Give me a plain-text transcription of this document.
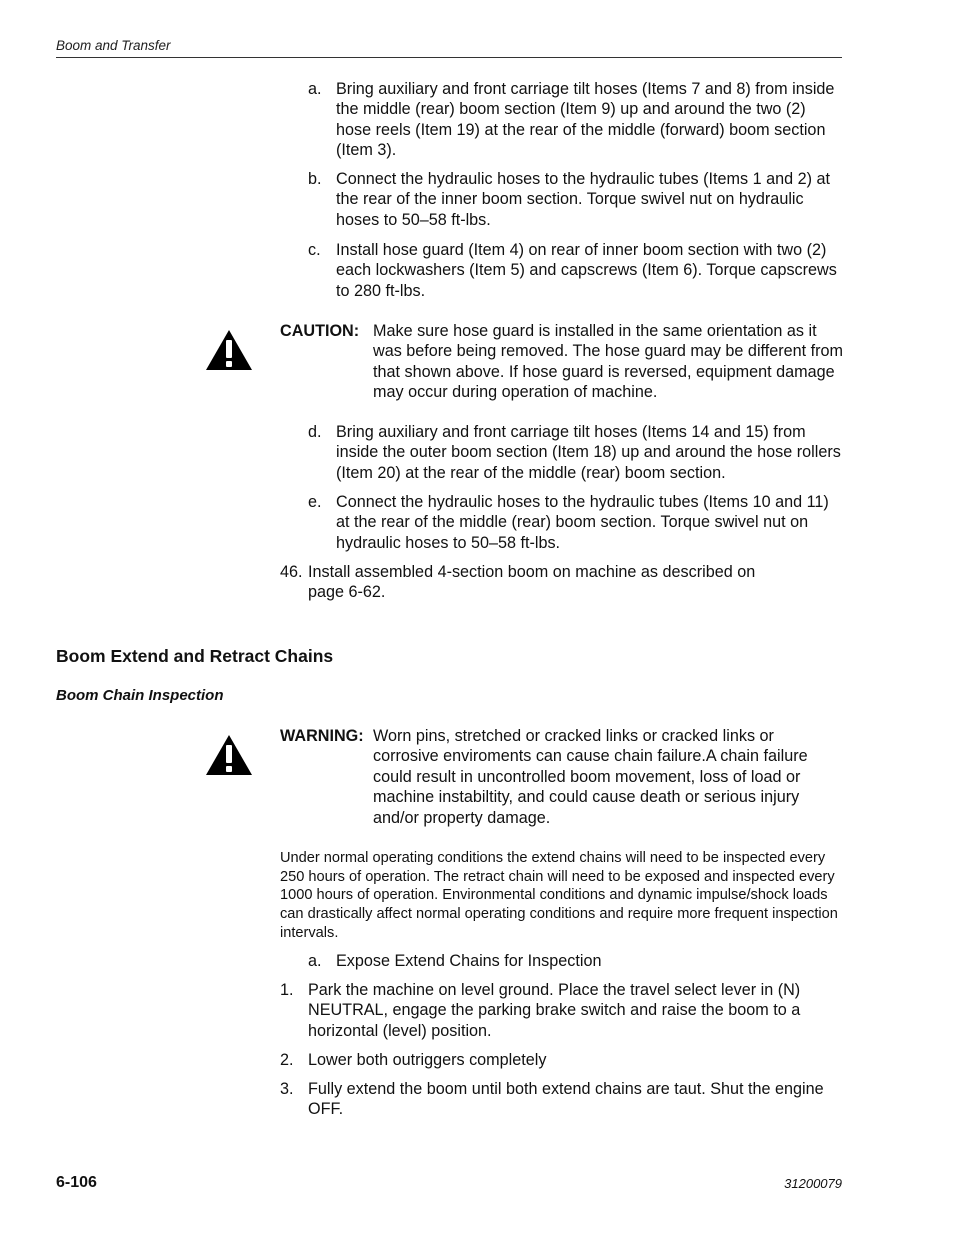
Boom and Transfer
a. Bring auxiliary and front carriage tilt hoses (Items 7 and 8) from inside the middle (rear) boom section (Item 9) up and around the two (2) hose reels (Item 19) at the rear of the middle (forward) boom section (Item 3).
b. Connect the hydraulic hoses to the hydraulic tubes (Items 1 and 2) at the rear of the inner boom section. Torque swivel nut on hydraulic hoses to 50–58 ft-lbs.
c. Install hose guard (Item 4) on rear of inner boom section with two (2) each lockwashers (Item 5) and capscrews (Item 6). Torque capscrews to 280 ft-lbs.
CAUTION: Make sure hose guard is installed in the same orientation as it was before being removed. The hose guard may be different from that shown above. If hose guard is reversed, equipment damage may occur during operation of machine.
d. Bring auxiliary and front carriage tilt hoses (Items 14 and 15) from inside the outer boom section (Item 18) up and around the hose rollers (Item 20) at the rear of the middle (rear) boom section.
e. Connect the hydraulic hoses to the hydraulic tubes (Items 10 and 11) at the rear of the middle (rear) boom section. Torque swivel nut on hydraulic hoses to 50–58 ft-lbs.
46. Install assembled 4-section boom on machine as described on page 6-62.
Boom Extend and Retract Chains
Boom Chain Inspection
WARNING: Worn pins, stretched or cracked links or cracked links or corrosive enviroments can cause chain failure.A chain failure could result in uncontrolled boom movement, loss of load or machine instabiltity, and could cause death or serious injury and/or property damage.
Under normal operating conditions the extend chains will need to be inspected every 250 hours of operation. The retract chain will need to be exposed and inspected every 1000 hours of operation. Environmental conditions and dynamic impulse/shock loads can drastically affect normal operating conditions and require more frequent inspection intervals.
a. Expose Extend Chains for Inspection
1. Park the machine on level ground. Place the travel select lever in (N) NEUTRAL, engage the parking brake switch and raise the boom to a horizontal (level) position.
2. Lower both outriggers completely
3. Fully extend the boom until both extend chains are taut. Shut the engine OFF.
6-106	31200079
